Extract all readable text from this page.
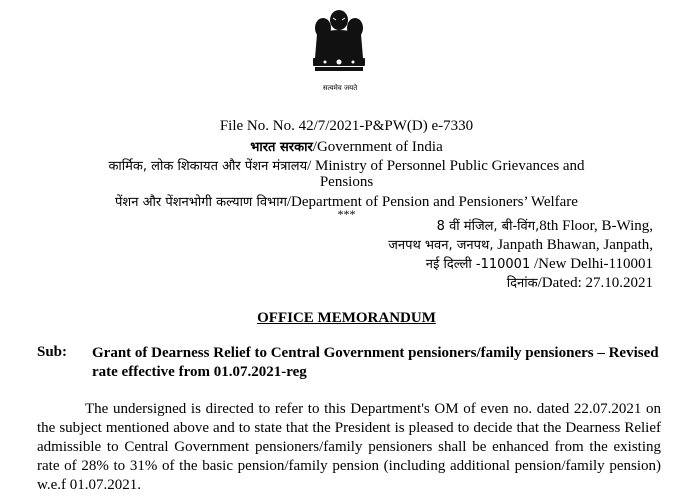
सत्यमेव जयते
File No. No. 42/7/2021-P&PW(D) e-7330
भारत सरकार/Government of India
कार्मिक, लोक शिकायत और पेंशन मंत्रालय/ Ministry of Personnel Public Grievances and
Pensions
पेंशन और पेंशनभोगी कल्याण विभाग/Department of Pension and Pensioners’ Welfare
***
8 वीं मंजिल, बी-विंग,8th Floor, B-Wing,
जनपथ भवन, जनपथ, Janpath Bhawan, Janpath,
नई दिल्ली -110001 /New Delhi-110001
दिनांक/Dated: 27.10.2021
OFFICE MEMORANDUM
Sub: Grant of Dearness Relief to Central Government pensioners/family pensioners – Revised rate effective from 01.07.2021-reg
The undersigned is directed to refer to this Department's OM of even no. dated 22.07.2021 on the subject mentioned above and to state that the President is pleased to decide that the Dearness Relief admissible to Central Government pensioners/family pensioners shall be enhanced from the existing rate of 28% to 31% of the basic pension/family pension (including additional pension/family pension) w.e.f 01.07.2021.
